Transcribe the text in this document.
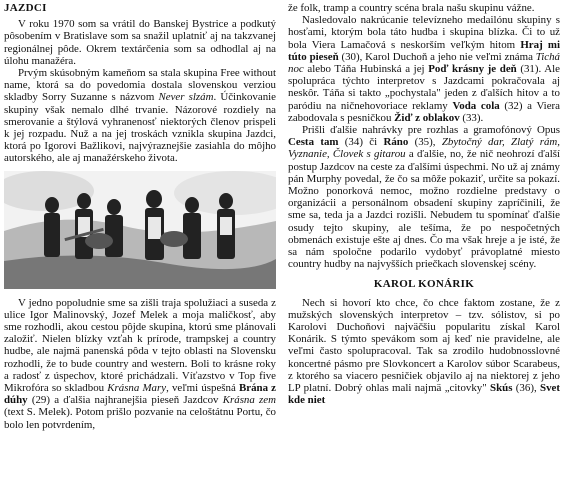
JAZDCI

V roku 1970 som sa vrátil do Banskej Bystrice a podkutý pôsobením v Bratislave som sa snažil uplatniť aj na takzvanej regionálnej pôde. Okrem textárčenia som sa odhodlal aj na úlohu manažéra.

Prvým skúsobným kameňom sa stala skupina Free without name, ktorá sa do povedomia dostala slovenskou verziou skladby Sorry Suzanne s názvom Never slzám. Účinkovanie skupiny však nemalo dlhé trvanie. Názorové rozdiely na smerovanie a štýlová vyhranenosť niektorých členov prispeli k jej rozpadu. Nuž a na jej troskách vznikla skupina Jazdci, ktorá po Igorovi Bažlikovi, najvýraznejšie zasiahla do môjho autorského, ale aj manažérskeho života.

V jedno popoludnie sme sa zišli traja spolužiaci a suseda z ulice Igor Malinovský, Jozef Melek a moja maličkosť, aby sme rozhodli, akou cestou pôjde skupina, ktorú sme plánovali založiť. Nielen blízky vzťah k prírode, trampskej a country hudbe, ale najmä panenská pôda v tejto oblasti na Slovensku rozhodli, že to bude country and western. Boli to krásne roky a radosť z úspechov, ktoré prichádzali. Víťazstvo v Top five Mikrofóra so skladbou Krásna Mary, veľmi úspešná Brána z dúhy (29) a ďalšia najhranejšia pieseň Jazdcov Krásna zem (text S. Melek). Potom prišlo pozvanie na celoštátnu Portu, čo bolo len potvrdením,

že folk, tramp a country scéna brala našu skupinu vážne.

Nasledovalo nakrúcanie televízneho medailónu skupiny s hosťami, ktorým bola táto hudba i skupina blízka. Či to už bola Viera Lamačová s neskorším veľkým hitom Hraj mi túto pieseň (30), Karol Duchoň a jeho nie veľmi známa Tichá noc alebo Táňa Hubinská a jej Poď krásny je deň (31). Ale spolupráca týchto interpretov s Jazdcami pokračovala aj neskôr. Táňa si takto „pochystala" jeden z ďalších hitov a to paródiu na ničnehovoriace reklamy Voda cola (32) a Viera zabodovala s pesničkou Žiď z oblakov (33).

Prišli ďalšie nahrávky pre rozhlas a gramofónový Opus Cesta tam (34) či Ráno (35), Zbytočný dar, Zlatý rám, Vyznanie, Človek s gitarou a ďalšie, no, že nič neohrozí ďalší postup Jazdcov na ceste za ďalšími úspechmi. No už aj známy pán Murphy povedal, že čo sa môže pokaziť, určite sa pokazí. Možno ponorková nemoc, možno rozdielne predstavy o organizácii a personálnom obsadení skupiny zapríčinili, že sme sa, teda ja a Jazdci rozišli. Nebudem tu spomínať ďalšie osudy tejto skupiny, ale tešíma, že po nespočetných obmenách existuje ešte aj dnes. Čo ma však hreje a je isté, že sa nám spoločne podarilo vydobyť právoplatné miesto country hudby na najvyšších priečkach slovenskej scény.

KAROL KONÁRIK

Nech si hovorí kto chce, čo chce faktom zostane, že z mužských slovenských interpretov – tzv. sólistov, si po Karolovi Duchoňovi najväčšiu popularitu získal Karol Konárik. S týmto spevákom som aj keď nie pravidelne, ale veľmi často spolupracoval. Tak sa zrodilo hudobnosslovné koncertné pásmo pre Slovkoncert a Karolov súbor Scarabeus, z ktorého sa viacero pesničiek objavilo aj na niektorej z jeho LP platní. Dobrý ohlas mali najmä „citovky" Skús (36), Svet kde niet
